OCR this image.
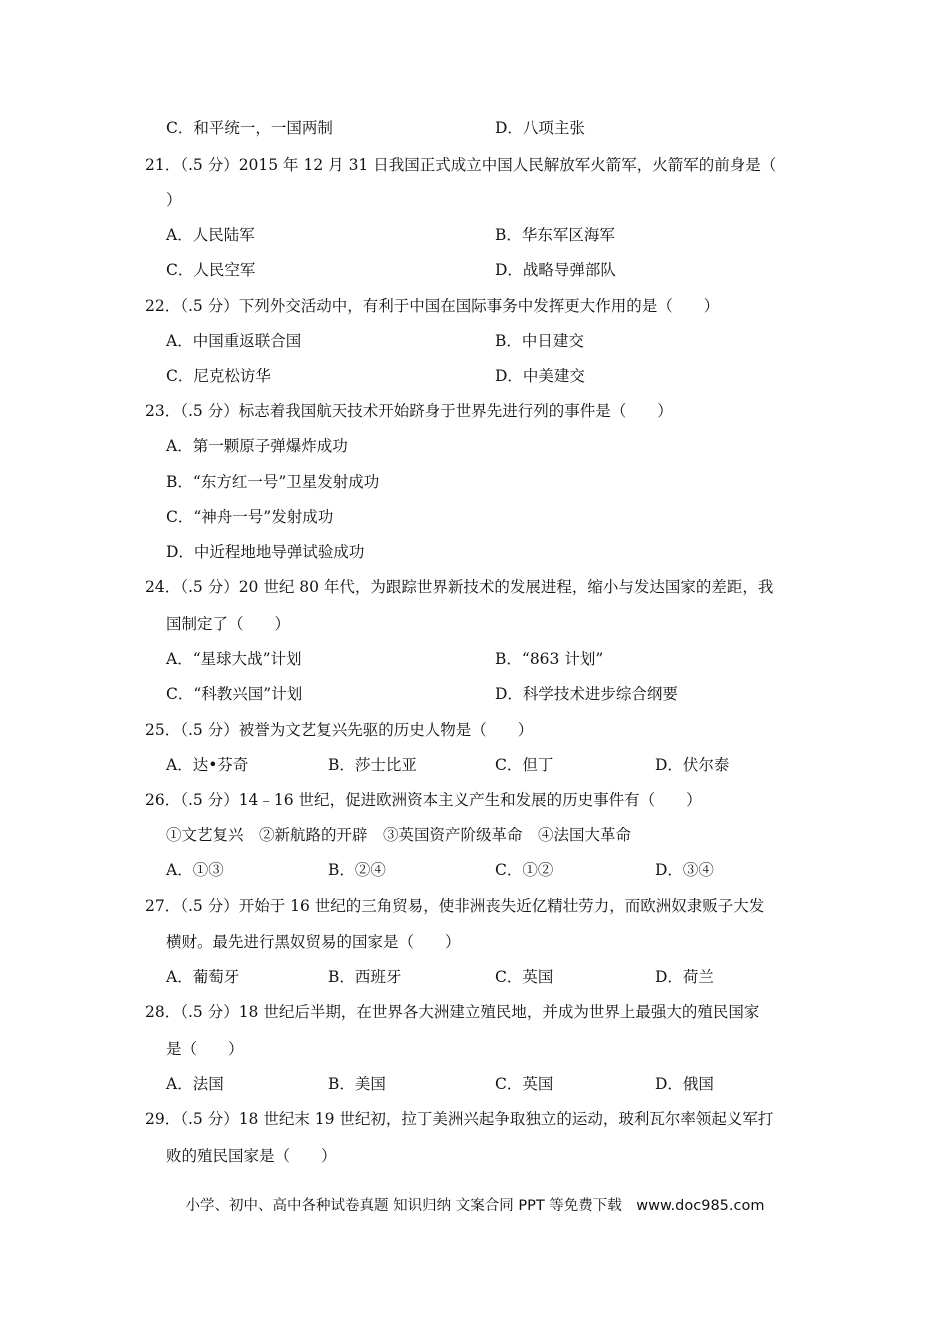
C．和平统一，一国两制	D．八项主张
21．（.5 分）2015 年 12 月 31 日我国正式成立中国人民解放军火箭军，火箭军的前身是（
）
A．人民陆军	B．华东军区海军
C．人民空军	D．战略导弹部队
22．（.5 分）下列外交活动中，有利于中国在国际事务中发挥更大作用的是（　　）
A．中国重返联合国	B．中日建交
C．尼克松访华	D．中美建交
23．（.5 分）标志着我国航天技术开始跻身于世界先进行列的事件是（　　）
A．第一颗原子弹爆炸成功
B．“东方红一号”卫星发射成功
C．“神舟一号”发射成功
D．中近程地地导弹试验成功
24．（.5 分）20 世纪 80 年代，为跟踪世界新技术的发展进程，缩小与发达国家的差距，我
国制定了（　　）
A．“星球大战”计划	B．“863 计划”
C．“科教兴国”计划	D．科学技术进步综合纲要
25．（.5 分）被誉为文艺复兴先驱的历史人物是（　　）
A．达•芬奇	B．莎士比亚	C．但丁	D．伏尔泰
26．（.5 分）14﹣16 世纪，促进欧洲资本主义产生和发展的历史事件有（　　）
①文艺复兴　②新航路的开辟　③英国资产阶级革命　④法国大革命
A．①③	B．②④	C．①②	D．③④
27．（.5 分）开始于 16 世纪的三角贸易，使非洲丧失近亿精壮劳力，而欧洲奴隶贩子大发
横财。最先进行黑奴贸易的国家是（　　）
A．葡萄牙	B．西班牙	C．英国	D．荷兰
28．（.5 分）18 世纪后半期，在世界各大洲建立殖民地，并成为世界上最强大的殖民国家
是（　　）
A．法国	B．美国	C．英国	D．俄国
29．（.5 分）18 世纪末 19 世纪初，拉丁美洲兴起争取独立的运动，玻利瓦尔率领起义军打
败的殖民国家是（　　）
小学、初中、高中各种试卷真题 知识归纳 文案合同 PPT 等免费下载　www.doc985.com
